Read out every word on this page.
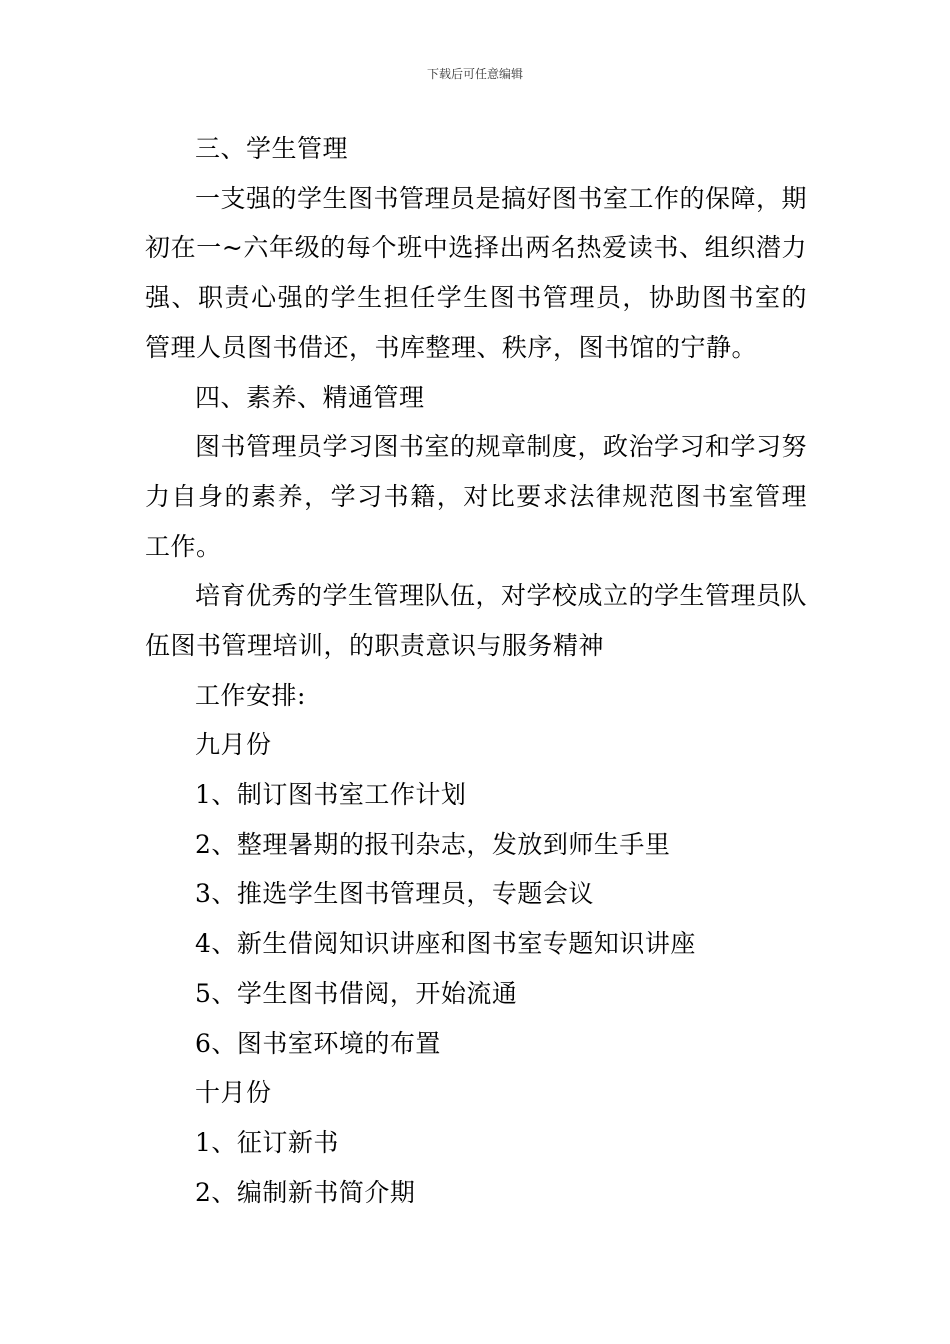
下载后可任意编辑
三、学生管理
一支强的学生图书管理员是搞好图书室工作的保障，期初在一~六年级的每个班中选择出两名热爱读书、组织潜力强、职责心强的学生担任学生图书管理员，协助图书室的管理人员图书借还，书库整理、秩序，图书馆的宁静。
四、素养、精通管理
图书管理员学习图书室的规章制度，政治学习和学习努力自身的素养，学习书籍，对比要求法律规范图书室管理工作。
培育优秀的学生管理队伍，对学校成立的学生管理员队伍图书管理培训，的职责意识与服务精神
工作安排:
九月份
1、制订图书室工作计划
2、整理暑期的报刊杂志，发放到师生手里
3、推选学生图书管理员，专题会议
4、新生借阅知识讲座和图书室专题知识讲座
5、学生图书借阅，开始流通
6、图书室环境的布置
十月份
1、征订新书
2、编制新书简介期
